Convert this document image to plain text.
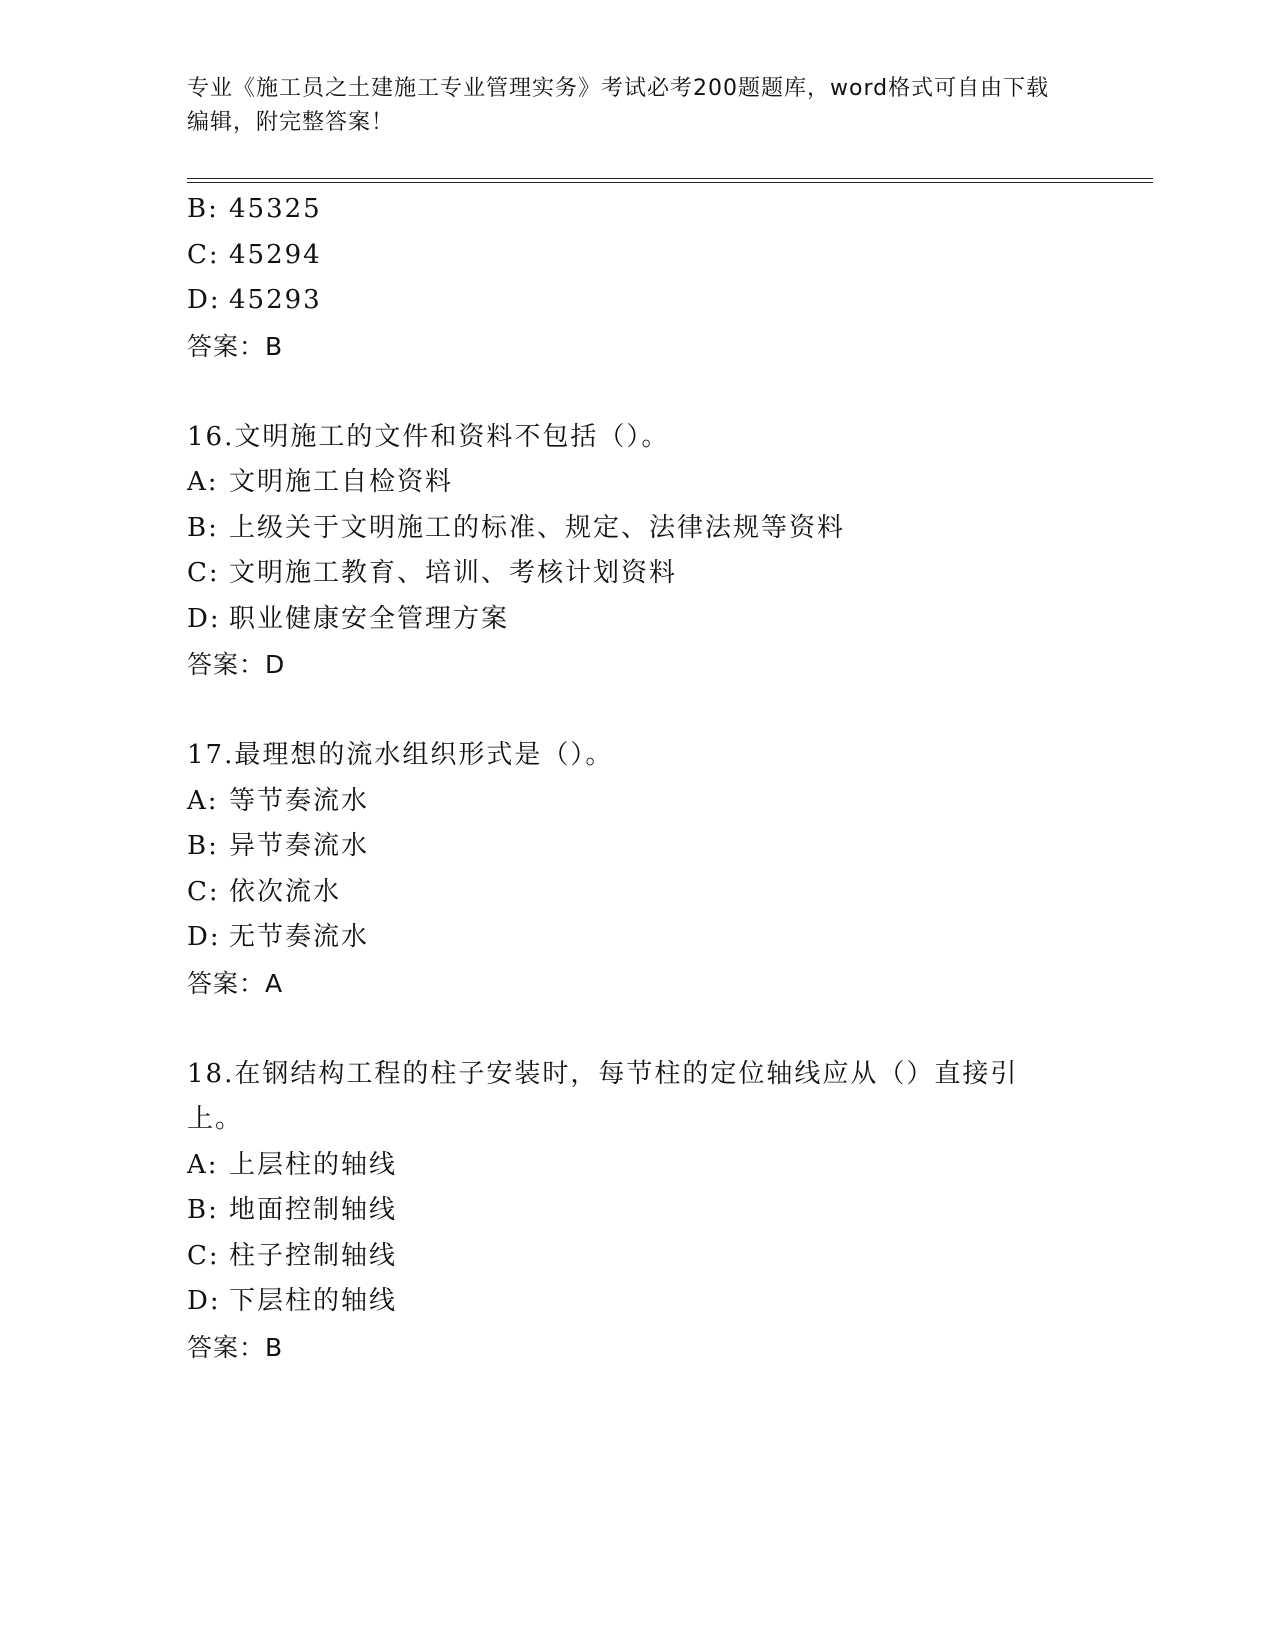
专业《施工员之土建施工专业管理实务》考试必考200题题库，word格式可自由下载编辑，附完整答案！
B: 45325
C: 45294
D: 45293
答案：B
16.文明施工的文件和资料不包括（）。
A: 文明施工自检资料
B: 上级关于文明施工的标准、规定、法律法规等资料
C: 文明施工教育、培训、考核计划资料
D: 职业健康安全管理方案
答案：D
17.最理想的流水组织形式是（）。
A: 等节奏流水
B: 异节奏流水
C: 依次流水
D: 无节奏流水
答案：A
18.在钢结构工程的柱子安装时，每节柱的定位轴线应从（）直接引上。
A: 上层柱的轴线
B: 地面控制轴线
C: 柱子控制轴线
D: 下层柱的轴线
答案：B
